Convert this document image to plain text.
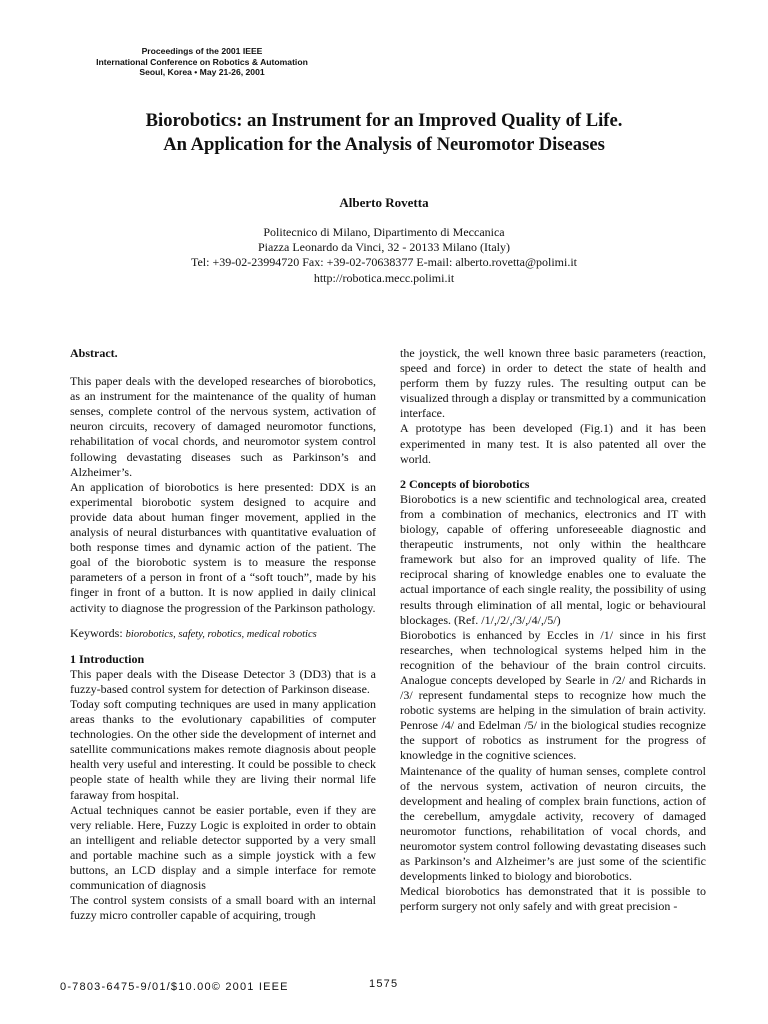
Proceedings of the 2001 IEEE
International Conference on Robotics & Automation
Seoul, Korea • May 21-26, 2001
Biorobotics: an Instrument for an Improved Quality of Life.
An Application for the Analysis of Neuromotor Diseases
Alberto Rovetta
Politecnico di Milano, Dipartimento di Meccanica
Piazza Leonardo da Vinci, 32 - 20133 Milano (Italy)
Tel: +39-02-23994720 Fax: +39-02-70638377 E-mail: alberto.rovetta@polimi.it
http://robotica.mecc.polimi.it

Abstract.

This paper deals with the developed researches of biorobotics, as an instrument for the maintenance of the quality of human senses, complete control of the nervous system, activation of neuron circuits, recovery of damaged neuromotor functions, rehabilitation of vocal chords, and neuromotor system control following devastating diseases such as Parkinson’s and Alzheimer’s.

An application of biorobotics is here presented: DDX is an experimental biorobotic system designed to acquire and provide data about human finger movement, applied in the analysis of neural disturbances with quantitative evaluation of both response times and dynamic action of the patient. The goal of the biorobotic system is to measure the response parameters of a person in front of a “soft touch”, made by his finger in front of a button. It is now applied in daily clinical activity to diagnose the progression of the Parkinson pathology.

Keywords: biorobotics, safety, robotics, medical robotics

1 Introduction

This paper deals with the Disease Detector 3 (DD3) that is a fuzzy-based control system for detection of Parkinson disease.

Today soft computing techniques are used in many application areas thanks to the evolutionary capabilities of computer technologies. On the other side the development of internet and satellite communications makes remote diagnosis about people health very useful and interesting. It could be possible to check people state of health while they are living their normal life faraway from hospital.

Actual techniques cannot be easier portable, even if they are very reliable. Here, Fuzzy Logic is exploited in order to obtain an intelligent and reliable detector supported by a very small and portable machine such as a simple joystick with a few buttons, an LCD display and a simple interface for remote communication of diagnosis

The control system consists of a small board with an internal fuzzy micro controller capable of acquiring, trough

the joystick, the well known three basic parameters (reaction, speed and force) in order to detect the state of health and perform them by fuzzy rules. The resulting output can be visualized through a display or transmitted by a communication interface.

A prototype has been developed (Fig.1) and it has been experimented in many test. It is also patented all over the world.

2 Concepts of biorobotics

Biorobotics is a new scientific and technological area, created from a combination of mechanics, electronics and IT with biology, capable of offering unforeseeable diagnostic and therapeutic instruments, not only within the healthcare framework but also for an improved quality of life. The reciprocal sharing of knowledge enables one to evaluate the actual importance of each single reality, the possibility of using results through elimination of all mental, logic or behavioural blockages. (Ref. /1/,/2/,/3/,/4/,/5/)

Biorobotics is enhanced by Eccles in /1/ since in his first researches, when technological systems helped him in the recognition of the behaviour of the brain control circuits. Analogue concepts developed by Searle in /2/ and Richards in /3/ represent fundamental steps to recognize how much the robotic systems are helping in the simulation of brain activity. Penrose /4/ and Edelman /5/ in the biological studies recognize the support of robotics as instrument for the progress of knowledge in the cognitive sciences.

Maintenance of the quality of human senses, complete control of the nervous system, activation of neuron circuits, the development and healing of complex brain functions, action of the cerebellum, amygdale activity, recovery of damaged neuromotor functions, rehabilitation of vocal chords, and neuromotor system control following devastating diseases such as Parkinson’s and Alzheimer’s are just some of the scientific developments linked to biology and biorobotics.

Medical biorobotics has demonstrated that it is possible to perform surgery not only safely and with great precision -

0-7803-6475-9/01/$10.00© 2001 IEEE	1575
